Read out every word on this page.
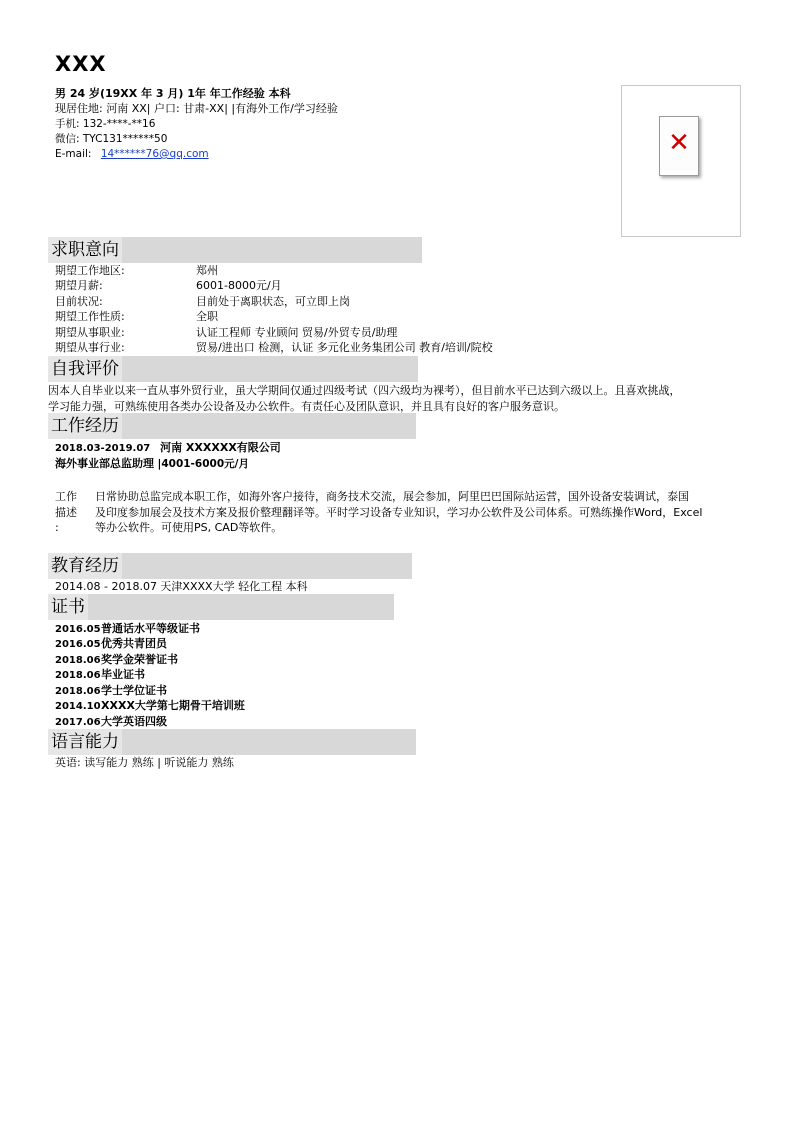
XXX
男 24 岁(19XX 年 3 月) 1年 年工作经验 本科
现居住地: 河南 XX| 户口: 甘肃-XX| |有海外工作/学习经验
手机: 132-****-**16
微信: TYC131******50
E-mail: 14******76@qq.com	✕
求职意向
期望工作地区:	郑州
期望月薪:	6001-8000元/月
目前状况:	目前处于离职状态，可立即上岗
期望工作性质:	全职
期望从事职业:	认证工程师 专业顾问 贸易/外贸专员/助理
期望从事行业:	贸易/进出口 检测，认证 多元化业务集团公司 教育/培训/院校
自我评价
因本人自毕业以来一直从事外贸行业，虽大学期间仅通过四级考试（四六级均为裸考），但目前水平已达到六级以上。且喜欢挑战，
学习能力强，可熟练使用各类办公设备及办公软件。有责任心及团队意识，并且具有良好的客户服务意识。
工作经历
2018.03-2019.07 河南 XXXXXX有限公司
海外事业部总监助理 |4001-6000元/月
工作
描述
:
日常协助总监完成本职工作，如海外客户接待，商务技术交流，展会参加，阿里巴巴国际站运营，国外设备安装调试，泰国
及印度参加展会及技术方案及报价整理翻译等。平时学习设备专业知识，学习办公软件及公司体系。可熟练操作Word，Excel
等办公软件。可使用PS, CAD等软件。
教育经历
2014.08 - 2018.07 天津XXXX大学 轻化工程 本科
证书
2016.05普通话水平等级证书
2016.05优秀共青团员
2018.06奖学金荣誉证书
2018.06毕业证书
2018.06学士学位证书
2014.10XXXX大学第七期骨干培训班
2017.06大学英语四级
语言能力
英语: 读写能力 熟练 | 听说能力 熟练
